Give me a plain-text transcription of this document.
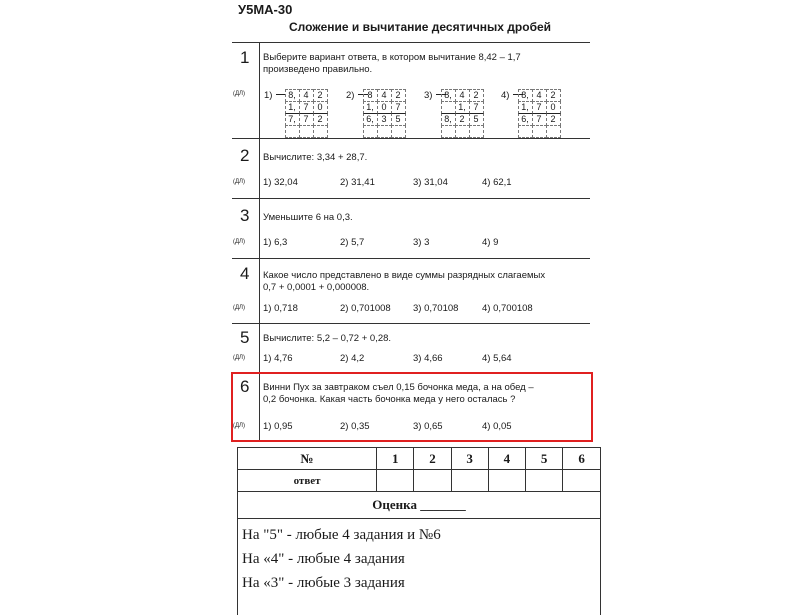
У5МА-30
Сложение и вычитание десятичных дробей
1 Выберите вариант ответа, в котором вычитание 8,42 – 1,7
произведено правильно.
(ДЛ) 1)	8, 4 2
1, 7 0
7, 7 2
2)	8 4 2
1, 0 7
6, 3 5
3)	8, 4 2
1, 7
8, 2 5
4)	8, 4 2
1, 7 0
6, 7 2
2 Вычислите: 3,34 + 28,7.
(ДЛ) 1) 32,04	2) 31,41	3) 31,04	4) 62,1
3 Уменьшите 6 на 0,3.
(ДЛ) 1) 6,3	2) 5,7	3) 3	4) 9
4 Какое число представлено в виде суммы разрядных слагаемых
0,7 + 0,0001 + 0,000008.
(ДЛ) 1) 0,718	2) 0,701008 3) 0,70108 4) 0,700108
5 Вычислите: 5,2 – 0,72 + 0,28.
(ДЛ) 1) 4,76	2) 4,2	3) 4,66	4) 5,64
6 Винни Пух за завтраком съел 0,15 бочонка меда, а на обед –
0,2 бочонка. Какая часть бочонка меда у него осталась ?
(ДЛ) 1) 0,95	2) 0,35	3) 0,65	4) 0,05
№	1	2	3	4	5	6
ответ						
Оценка _______						
На "5" - любые 4 задания и №6						
На «4" - любые 4 задания						
На «3" - любые 3 задания						
